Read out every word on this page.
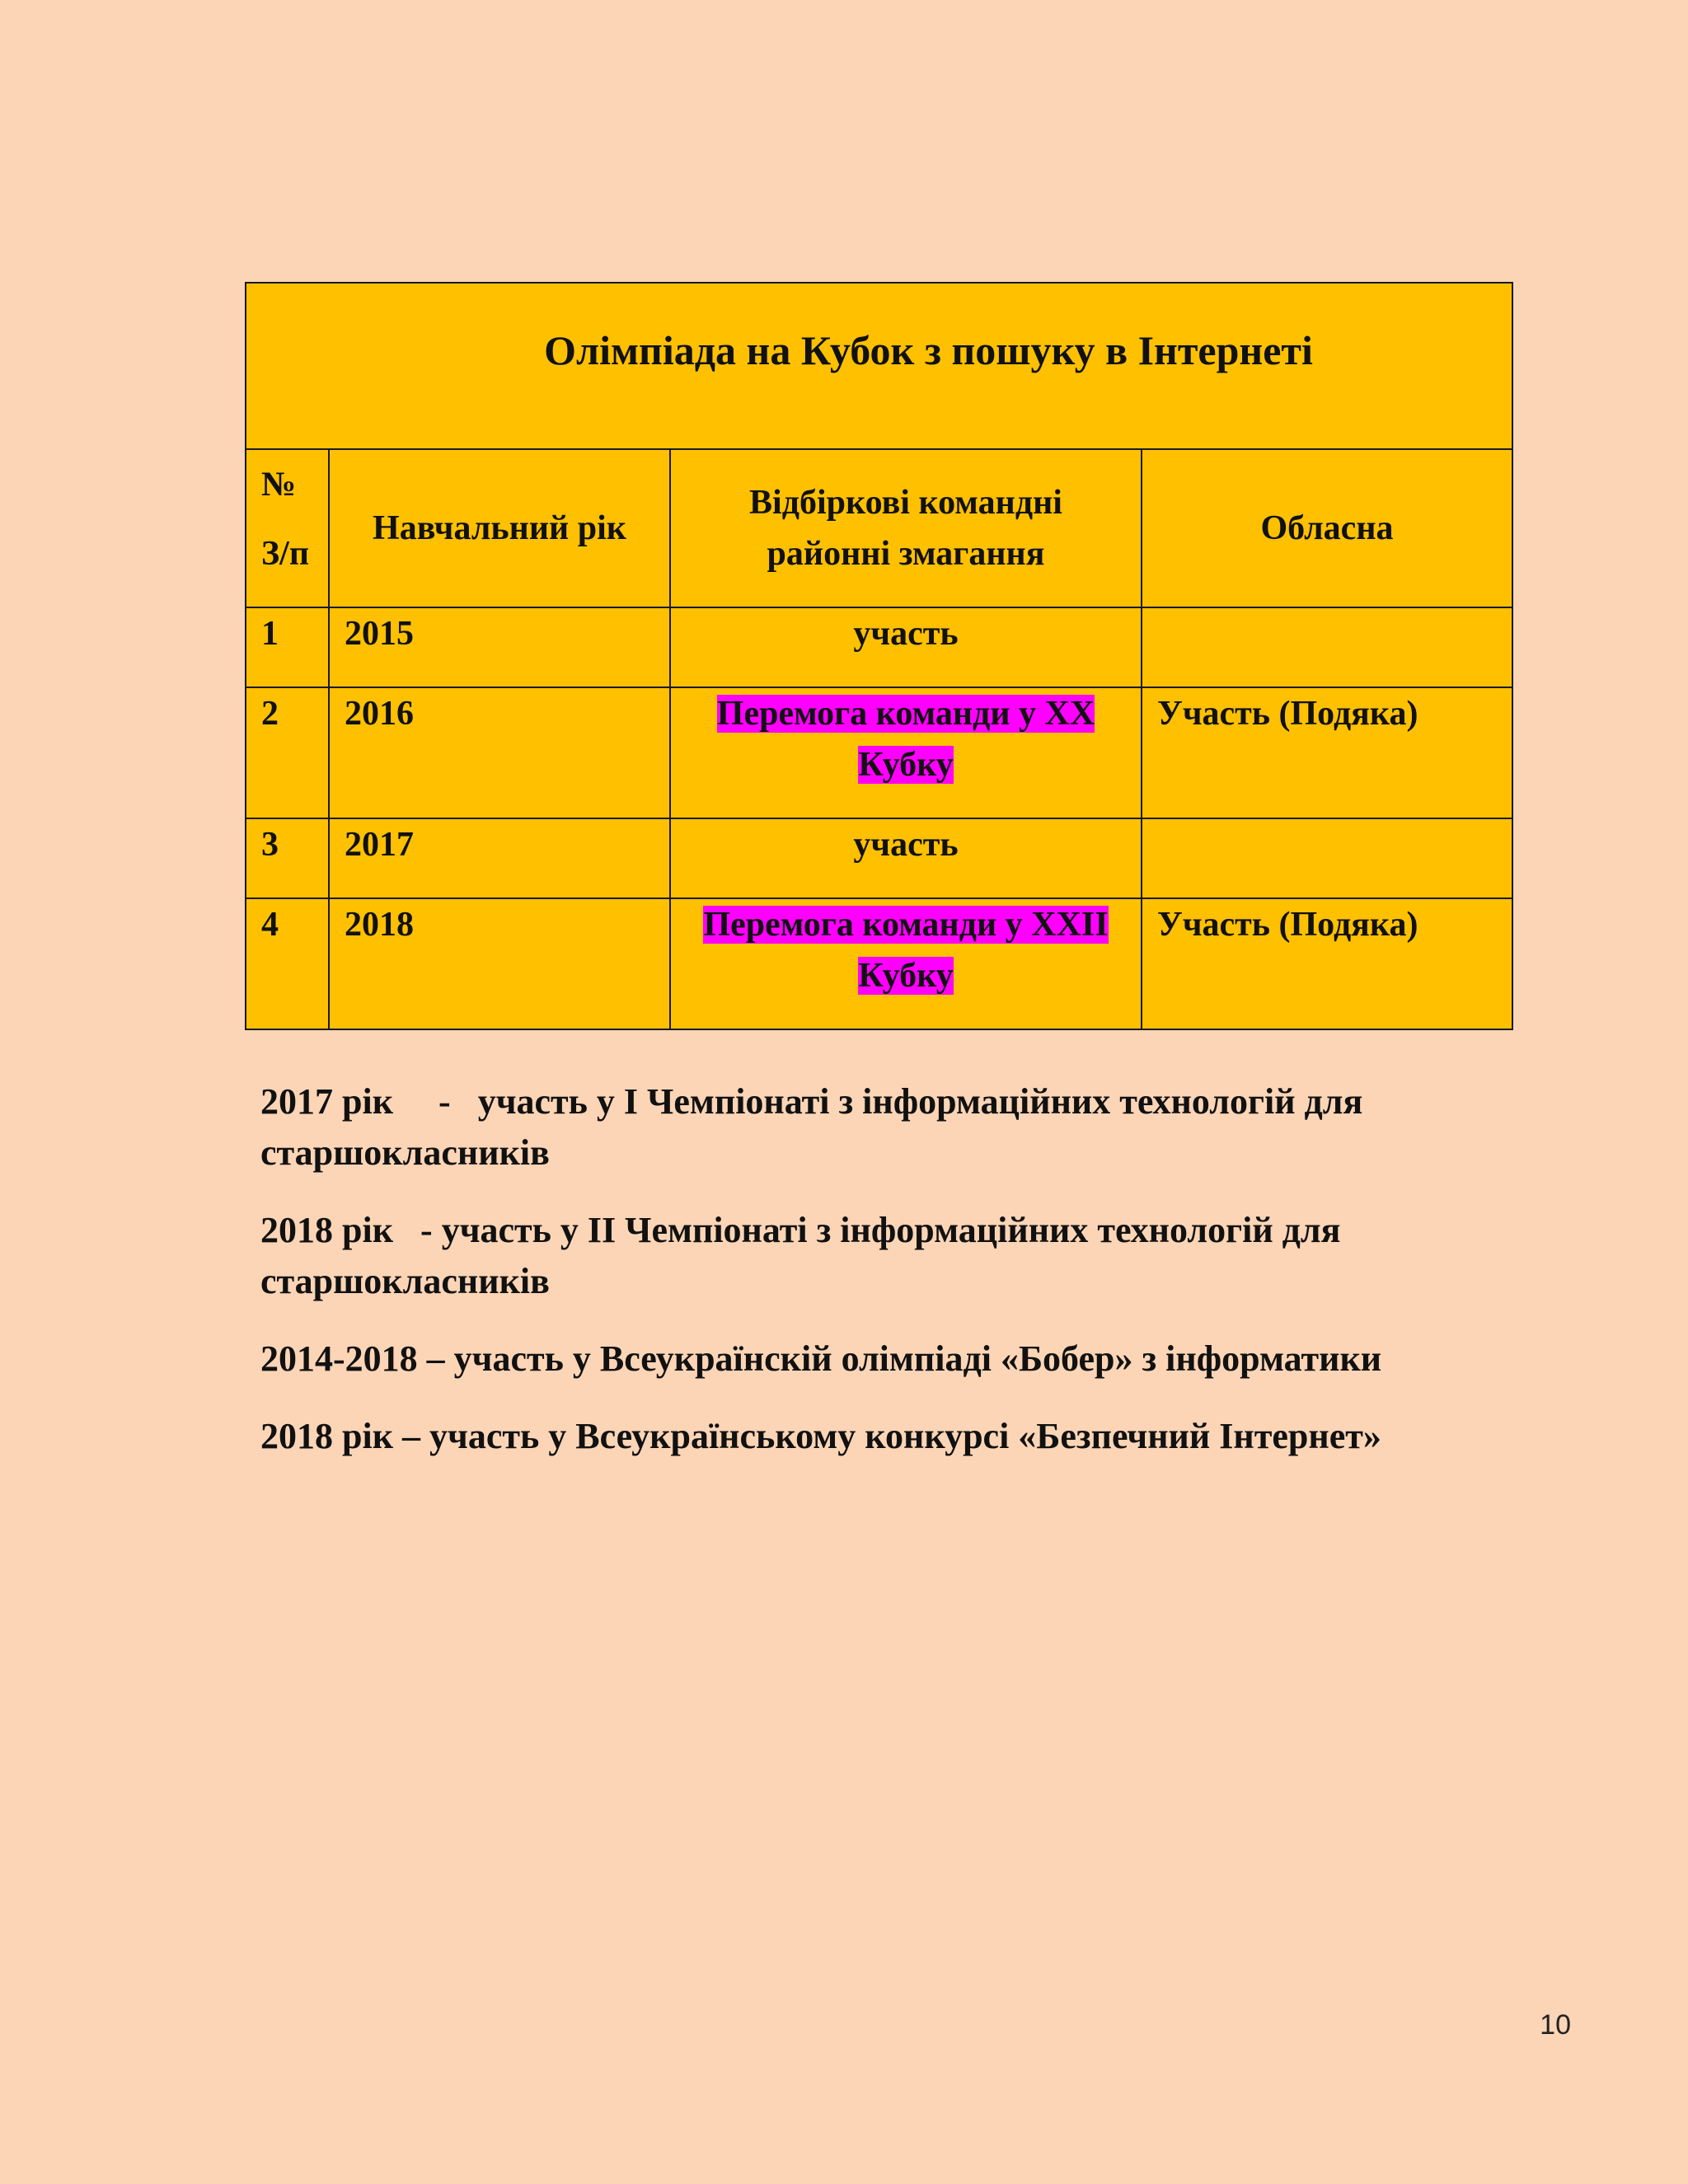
Олімпіада на Кубок з пошуку в Інтернеті			

№
З/п	Навчальний рік	Відбіркові командні районні змагання	Обласна
1	2015	участь	
2	2016	Перемога команди у ХХ Кубку	Участь (Подяка)
3	2017	участь	
4	2018	Перемога команди у ХХІІ Кубку	Участь (Подяка)

2017 рік     -   участь у І Чемпіонаті з інформаційних технологій для старшокласників

2018 рік   - участь у ІІ Чемпіонаті з інформаційних технологій для старшокласників

2014-2018 – участь у Всеукраїнскій олімпіаді «Бобер» з інформатики

2018 рік – участь у Всеукраїнському конкурсі «Безпечний Інтернет»

10
